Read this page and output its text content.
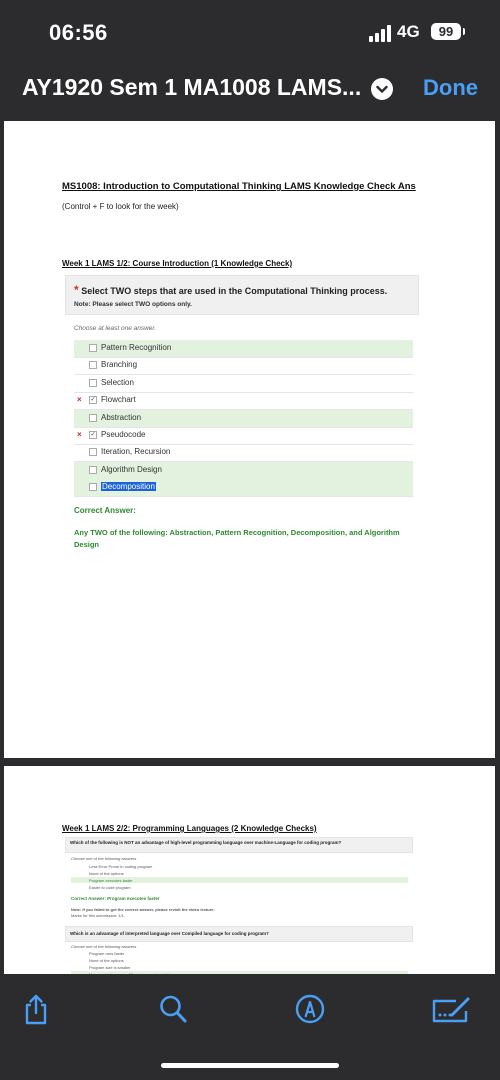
06:56	4G	99
AY1920 Sem 1 MA1008 LAMS...	Done
MS1008: Introduction to Computational Thinking LAMS Knowledge Check Ans
(Control + F to look for the week)
Week 1 LAMS 1/2: Course Introduction (1 Knowledge Check)
* Select TWO steps that are used in the Computational Thinking process.
Note: Please select TWO options only.
Choose at least one answer.
Pattern Recognition
Branching
Selection
× ✓ Flowchart
Abstraction
× ✓ Pseudocode
Iteration, Recursion
Algorithm Design
Decomposition
Correct Answer:
Any TWO of the following: Abstraction, Pattern Recognition, Decomposition, and Algorithm Design
Week 1 LAMS 2/2: Programming Languages (2 Knowledge Checks)
Which of the following is NOT an advantage of high-level programming language over machine-Language for coding program?
Choose one of the following answers
Less Error Prone in coding program
None of the options
Program executes faster
Easier to code program
Correct Answer: Program executes faster
Note: If you failed to get the correct answer, please revisit the video lecture.
Marks for this submission: 1/1.
Which is an advantage of interpreted language over Compiled language for coding program?
Choose one of the following answers
Program runs faster
None of the options
Program size is smaller
